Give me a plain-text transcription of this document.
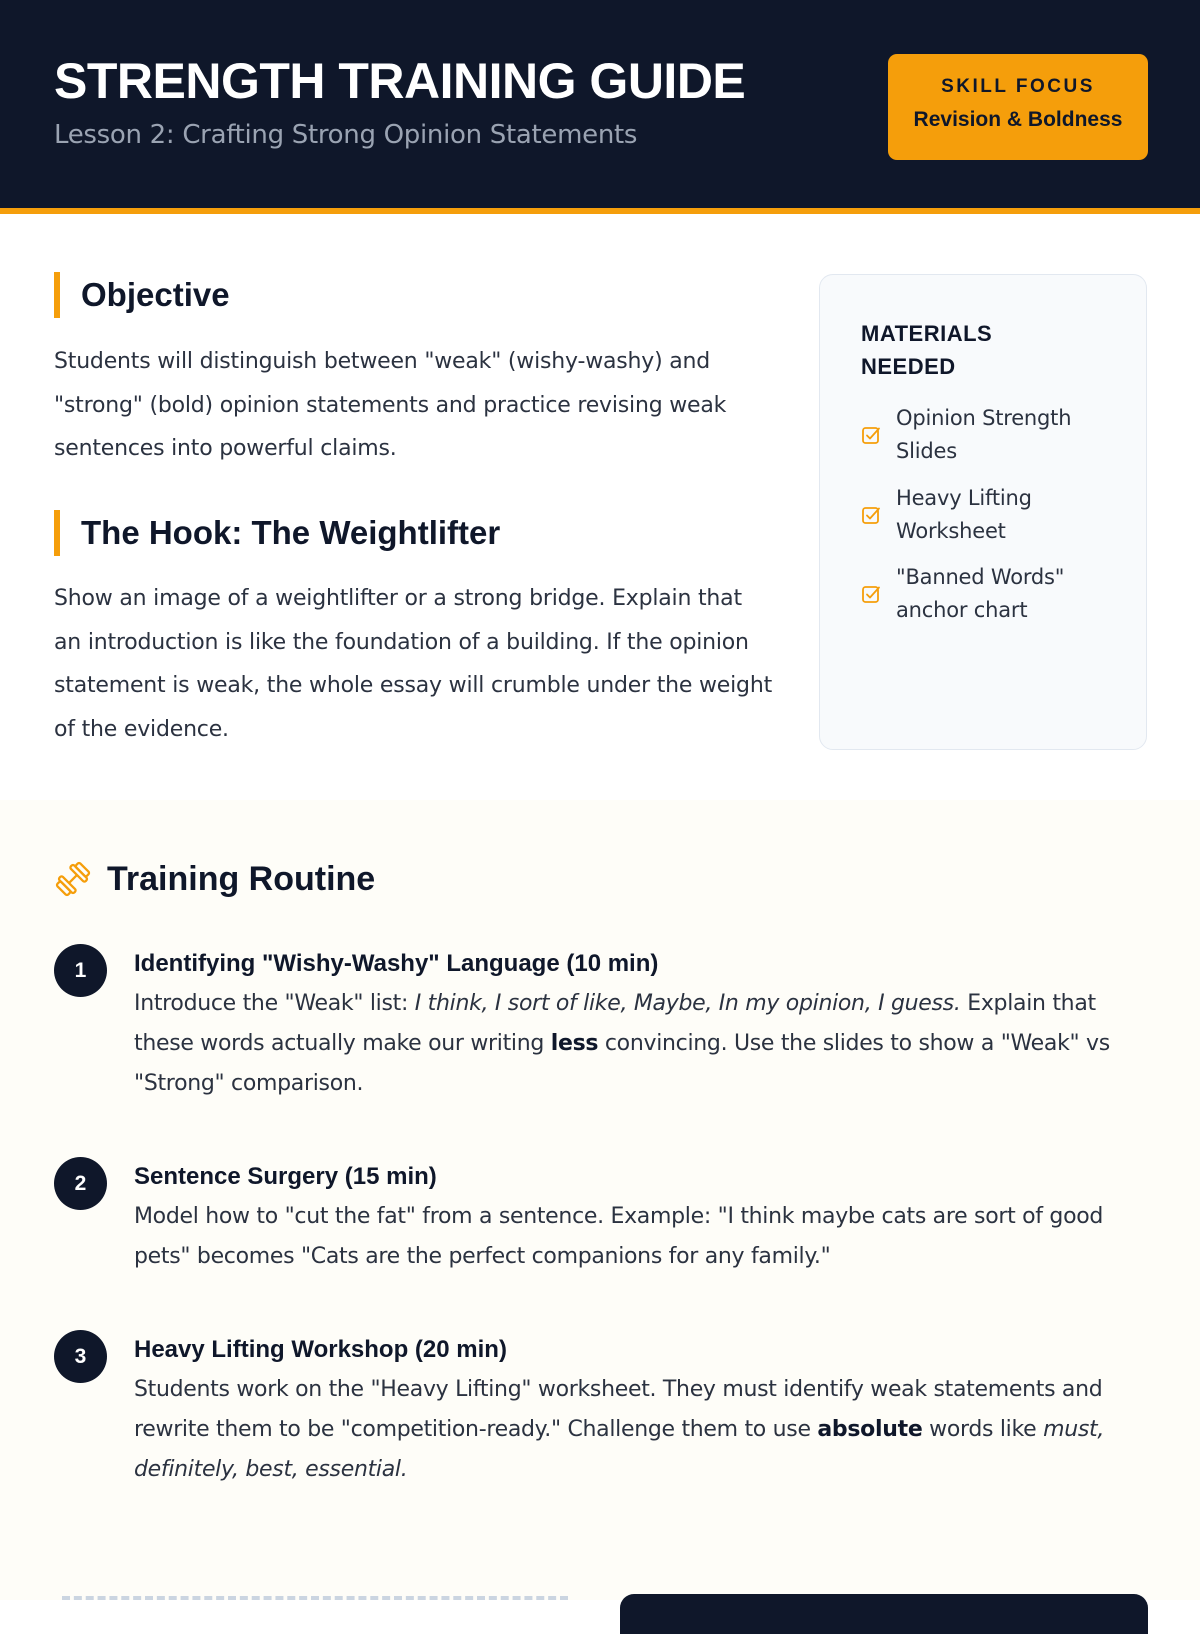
STRENGTH TRAINING GUIDE
Lesson 2: Crafting Strong Opinion Statements
SKILL FOCUS
Revision & Boldness
Objective

Students will distinguish between "weak" (wishy-washy) and "strong" (bold) opinion statements and practice revising weak sentences into powerful claims.

The Hook: The Weightlifter

Show an image of a weightlifter or a strong bridge. Explain that an introduction is like the foundation of a building. If the opinion statement is weak, the whole essay will crumble under the weight of the evidence.

MATERIALS NEEDED
Opinion Strength Slides
Heavy Lifting Worksheet
"Banned Words" anchor chart
Training Routine
1	Identifying "Wishy-Washy" Language (10 min)

Introduce the "Weak" list: I think, I sort of like, Maybe, In my opinion, I guess. Explain that these words actually make our writing less convincing. Use the slides to show a "Weak" vs "Strong" comparison.

2	Sentence Surgery (15 min)

Model how to "cut the fat" from a sentence. Example: "I think maybe cats are sort of good pets" becomes "Cats are the perfect companions for any family."

3	Heavy Lifting Workshop (20 min)

Students work on the "Heavy Lifting" worksheet. They must identify weak statements and rewrite them to be "competition-ready." Challenge them to use absolute words like must, definitely, best, essential.
